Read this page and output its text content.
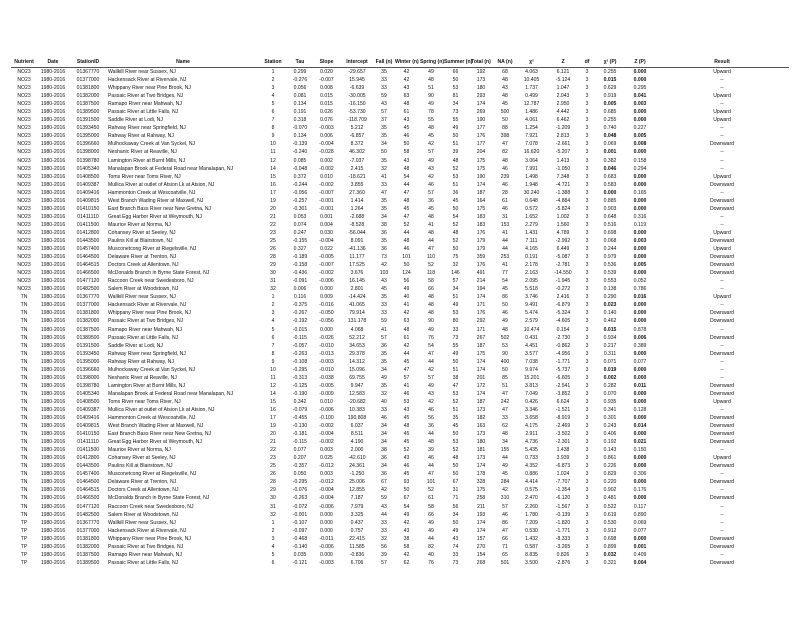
Nutrient	Date	StationID	Name	Station	Tau	Slope	Intercept	Fall (n)	Winter (n)	Spring (n)	Summer (n)	Total (n)	NA (n)	χ²	Z	df	χ² (P)	Z (P)	Result
NO23	1980-2016	01367770	Wallkill River near Sussex, NJ	1	0.299	0.020	-29.657	35	42	49	66	192	68	4.063	6.121	3	0.255	0.000	Upward
NO23	1980-2016	01377000	Hackensack River at Rivervale, NJ	2	-0.276	-0.007	15.945	33	42	48	50	173	48	10.405	-5.124	3	0.015	0.000	--
NO23	1980-2016	01381800	Whippany River near Pine Brook, NJ	3	0.056	0.008	-6.639	33	43	51	53	180	43	1.737	1.047	3	0.629	0.295	--
NO23	1980-2016	01382000	Passaic River at Two Bridges, NJ	4	0.081	0.015	-30.005	59	63	90	81	293	48	0.499	2.043	3	0.919	0.041	Upward
NO23	1980-2016	01387500	Ramapo River near Mahwah, NJ	5	0.134	0.015	-16.150	43	48	49	34	174	45	12.787	2.950	3	0.005	0.003	--
NO23	1980-2016	01389500	Passaic River at Little Falls, NJ	6	0.191	0.026	-53.730	57	61	78	73	269	500	1.486	4.442	3	0.685	0.000	Upward
NO23	1980-2016	01391500	Saddle River at Lodi, NJ	7	0.318	0.076	-118.709	37	43	55	55	190	50	4.061	6.462	3	0.255	0.000	Upward
NO23	1980-2016	01393450	Rahway River near Springfield, NJ	8	-0.070	-0.003	5.212	35	45	48	49	177	88	1.254	-1.209	3	0.740	0.227	--
NO23	1980-2016	01395000	Rahway River at Rahway, NJ	9	0.134	0.006	-6.857	35	46	45	50	176	398	7.921	2.813	3	0.048	0.005	--
NO23	1980-2016	01396660	Mulhockaway Creek at Van Syckel, NJ	10	-0.139	-0.004	8.372	34	50	42	51	177	47	7.078	-2.661	3	0.069	0.008	Downward
NO23	1980-2016	01398000	Neshanic River at Reaville, NJ	11	-0.240	-0.028	46.302	50	58	57	39	204	82	16.620	-5.207	3	0.001	0.000	--
NO23	1980-2016	01398780	Lamington River at Burnt Mills, NJ	12	0.085	0.002	-7.037	35	43	49	48	175	48	3.064	1.413	3	0.382	0.158	--
NO23	1980-2016	01405340	Manalapan Brook at Federal Road near Manalapan, NJ	14	-0.048	-0.002	2.415	32	48	43	52	175	46	7.991	-1.050	3	0.046	0.294	--
NO23	1980-2016	01408500	Toms River near Toms River, NJ	15	0.372	0.010	-18.621	41	54	42	53	190	239	1.498	7.348	3	0.683	0.000	Upward
NO23	1980-2016	01409387	Mullica River at outlet of Atsion Lk at Atsion, NJ	16	-0.244	-0.002	3.855	33	44	46	51	174	46	1.948	-4.721	3	0.583	0.000	Downward
NO23	1980-2016	01409416	Hammonton Creek at Wescoatville, NJ	17	-0.056	-0.007	27.360	47	47	57	36	187	28	30.240	-1.388	3	0.000	0.165	--
NO23	1980-2016	01409815	West Branch Wading River at Maxwell, NJ	19	-0.257	-0.001	1.414	35	48	36	45	164	61	0.648	-4.884	3	0.885	0.000	Downward
NO23	1980-2016	01410150	East Branch Bass River near New Gretna, NJ	20	-0.301	-0.001	1.264	35	45	45	50	175	46	0.572	-5.824	3	0.903	0.000	Downward
NO23	1980-2016	01411110	Great Egg Harbor River at Weymouth, NJ	21	0.053	0.001	-2.688	34	47	48	54	183	31	1.652	1.002	3	0.648	0.316	--
NO23	1980-2016	01411500	Maurice River at Norma, NJ	22	0.074	0.004	-8.528	38	52	41	52	183	153	2.279	1.560	3	0.516	0.119	--
NO23	1980-2016	01412800	Cohansey River at Seeley, NJ	23	0.247	0.030	-56.044	36	44	48	48	176	41	1.431	4.789	3	0.698	0.000	Upward
NO23	1980-2016	01443500	Paulins Kill at Blairstown, NJ	25	-0.155	-0.004	8.091	35	48	44	52	179	44	7.111	-2.992	3	0.068	0.003	Downward
NO23	1980-2016	01457400	Musconetcong River at Riegelsville, NJ	26	0.327	0.022	-41.136	36	46	47	50	179	44	4.165	6.449	3	0.244	0.000	Upward
NO23	1980-2016	01464500	Delaware River at Trenton, NJ	28	-0.189	-0.005	11.177	73	101	110	75	359	253	0.191	-5.087	3	0.979	0.000	Downward
NO23	1980-2016	01464515	Doctors Creek at Allentown, NJ	29	-0.158	-0.007	17.525	42	50	52	32	176	41	2.178	-2.781	3	0.536	0.005	Downward
NO23	1980-2016	01466500	McDonalds Branch in Byrne State Forest, NJ	30	-0.436	-0.002	3.676	103	124	118	146	491	77	2.163	-14.550	3	0.539	0.000	Downward
NO23	1980-2016	01477120	Raccoon Creek near Swedesboro, NJ	31	-0.091	-0.006	16.145	43	56	58	57	214	54	2.095	-1.945	3	0.553	0.052	--
NO23	1980-2016	01482500	Salem River at Woodstown, NJ	32	0.006	0.000	2.801	45	49	66	34	194	45	5.518	-0.272	3	0.138	0.786	--
TN	1980-2016	01367770	Wallkill River near Sussex, NJ	1	0.116	0.009	-14.424	35	40	48	51	174	86	3.746	2.416	3	0.290	0.016	Upward
TN	1980-2016	01377000	Hackensack River at Rivervale, NJ	2	-0.375	-0.016	41.065	33	41	48	49	171	50	9.491	-6.879	3	0.023	0.000	--
TN	1980-2016	01381800	Whippany River near Pine Brook, NJ	3	-0.267	-0.050	79.914	33	42	48	53	176	46	5.474	-5.324	3	0.140	0.000	Downward
TN	1980-2016	01382000	Passaic River at Two Bridges, NJ	4	-0.192	-0.056	131.178	59	63	90	80	292	49	2.579	-4.605	3	0.462	0.000	Downward
TN	1980-2016	01387500	Ramapo River near Mahwah, NJ	5	-0.015	0.000	4.068	41	48	49	33	171	48	10.474	0.154	3	0.015	0.878	--
TN	1980-2016	01389500	Passaic River at Little Falls, NJ	6	-0.115	-0.026	52.212	57	61	76	73	267	502	0.431	-2.730	3	0.934	0.006	Downward
TN	1980-2016	01391500	Saddle River at Lodi, NJ	7	-0.057	-0.010	34.653	36	42	54	55	187	53	4.451	-0.862	3	0.217	0.389	--
TN	1980-2016	01393450	Rahway River near Springfield, NJ	8	-0.263	-0.013	29.378	35	44	47	49	175	90	3.577	-4.956	3	0.311	0.000	Downward
TN	1980-2016	01395000	Rahway River at Rahway, NJ	9	-0.108	-0.003	14.312	35	45	44	50	174	400	7.038	-1.771	3	0.071	0.077	--
TN	1980-2016	01396660	Mulhockaway Creek at Van Syckel, NJ	10	-0.295	-0.010	15.096	34	47	42	51	174	50	9.974	-5.737	3	0.019	0.000	--
TN	1980-2016	01398000	Neshanic River at Reaville, NJ	11	-0.313	-0.038	69.755	49	57	57	38	201	85	15.201	-6.605	3	0.002	0.000	--
TN	1980-2016	01398780	Lamington River at Burnt Mills, NJ	12	-0.125	-0.005	9.947	35	41	49	47	172	51	3.813	-2.541	3	0.282	0.011	Downward
TN	1980-2016	01405340	Manalapan Brook at Federal Road near Manalapan, NJ	14	-0.190	-0.009	12.583	32	46	43	53	174	47	7.049	-3.852	3	0.070	0.000	Downward
TN	1980-2016	01408500	Toms River near Toms River, NJ	15	0.342	0.010	-20.682	40	53	42	52	187	242	0.426	6.624	3	0.935	0.000	Upward
TN	1980-2016	01409387	Mullica River at outlet of Atsion Lk at Atsion, NJ	16	-0.079	-0.006	10.383	33	43	46	51	173	47	3.346	-1.521	3	0.341	0.128	--
TN	1980-2016	01409416	Hammonton Creek at Wescoatville, NJ	17	-0.455	-0.100	190.808	46	45	56	35	182	33	3.658	-8.919	3	0.301	0.000	Downward
TN	1980-2016	01409815	West Branch Wading River at Maxwell, NJ	19	-0.130	-0.002	6.037	34	48	36	45	163	62	4.175	-2.469	3	0.243	0.014	Downward
TN	1980-2016	01410150	East Branch Bass River near New Gretna, NJ	20	-0.181	-0.004	8.511	34	45	44	50	173	48	2.911	-3.502	3	0.406	0.000	Downward
TN	1980-2016	01411110	Great Egg Harbor River at Weymouth, NJ	21	-0.115	-0.002	4.190	34	45	48	53	180	34	4.736	-2.301	3	0.192	0.021	Downward
TN	1980-2016	01411500	Maurice River at Norma, NJ	22	0.077	0.003	2.000	38	52	39	52	181	155	5.435	1.438	3	0.143	0.150	--
TN	1980-2016	01412800	Cohansey River at Seeley, NJ	23	0.207	0.025	-42.610	36	43	46	48	173	44	0.733	3.939	3	0.861	0.000	Upward
TN	1980-2016	01443500	Paulins Kill at Blairstown, NJ	25	-0.357	-0.012	24.361	34	46	44	50	174	49	4.352	-6.873	3	0.226	0.000	Downward
TN	1980-2016	01457400	Musconetcong River at Riegelsville, NJ	26	0.050	0.003	-1.250	36	45	47	50	178	45	0.886	1.024	3	0.829	0.306	--
TN	1980-2016	01464500	Delaware River at Trenton, NJ	28	-0.295	-0.012	25.006	67	93	101	67	328	284	4.414	-7.707	3	0.220	0.000	Downward
TN	1980-2016	01464515	Doctors Creek at Allentown, NJ	29	-0.076	-0.004	12.855	42	50	52	31	175	42	0.575	-1.354	3	0.902	0.176	--
TN	1980-2016	01466500	McDonalds Branch in Byrne State Forest, NJ	30	-0.263	-0.004	7.187	59	67	61	71	258	310	2.470	-6.120	3	0.481	0.000	Downward
TN	1980-2016	01477120	Raccoon Creek near Swedesboro, NJ	31	-0.072	-0.006	7.979	43	54	58	56	211	57	2.260	-1.567	3	0.522	0.117	--
TN	1980-2016	01482500	Salem River at Woodstown, NJ	32	-0.001	0.000	3.325	44	49	66	34	193	46	1.780	-0.139	3	0.619	0.890	--
TP	1980-2016	01367770	Wallkill River near Sussex, NJ	1	-0.107	0.000	0.437	33	42	49	50	174	86	7.209	-1.820	3	0.530	0.069	--
TP	1980-2016	01377000	Hackensack River at Rivervale, NJ	2	-0.097	0.000	0.757	33	43	49	49	174	47	0.530	-1.771	3	0.912	0.077	--
TP	1980-2016	01381800	Whippany River near Pine Brook, NJ	3	-0.468	-0.011	22.415	32	38	44	43	157	66	1.432	-8.333	3	0.698	0.000	Downward
TP	1980-2016	01382000	Passaic River at Two Bridges, NJ	4	-0.140	-0.006	11.585	56	58	82	74	270	71	0.587	-3.265	3	0.899	0.001	Downward
TP	1980-2016	01387500	Ramapo River near Mahwah, NJ	5	0.035	0.000	-0.836	39	42	40	33	154	65	8.835	0.826	3	0.032	0.409	--
TP	1980-2016	01389500	Passaic River at Little Falls, NJ	6	-0.121	-0.003	6.706	57	62	76	73	268	501	3.500	-2.876	3	0.321	0.004	Downward
